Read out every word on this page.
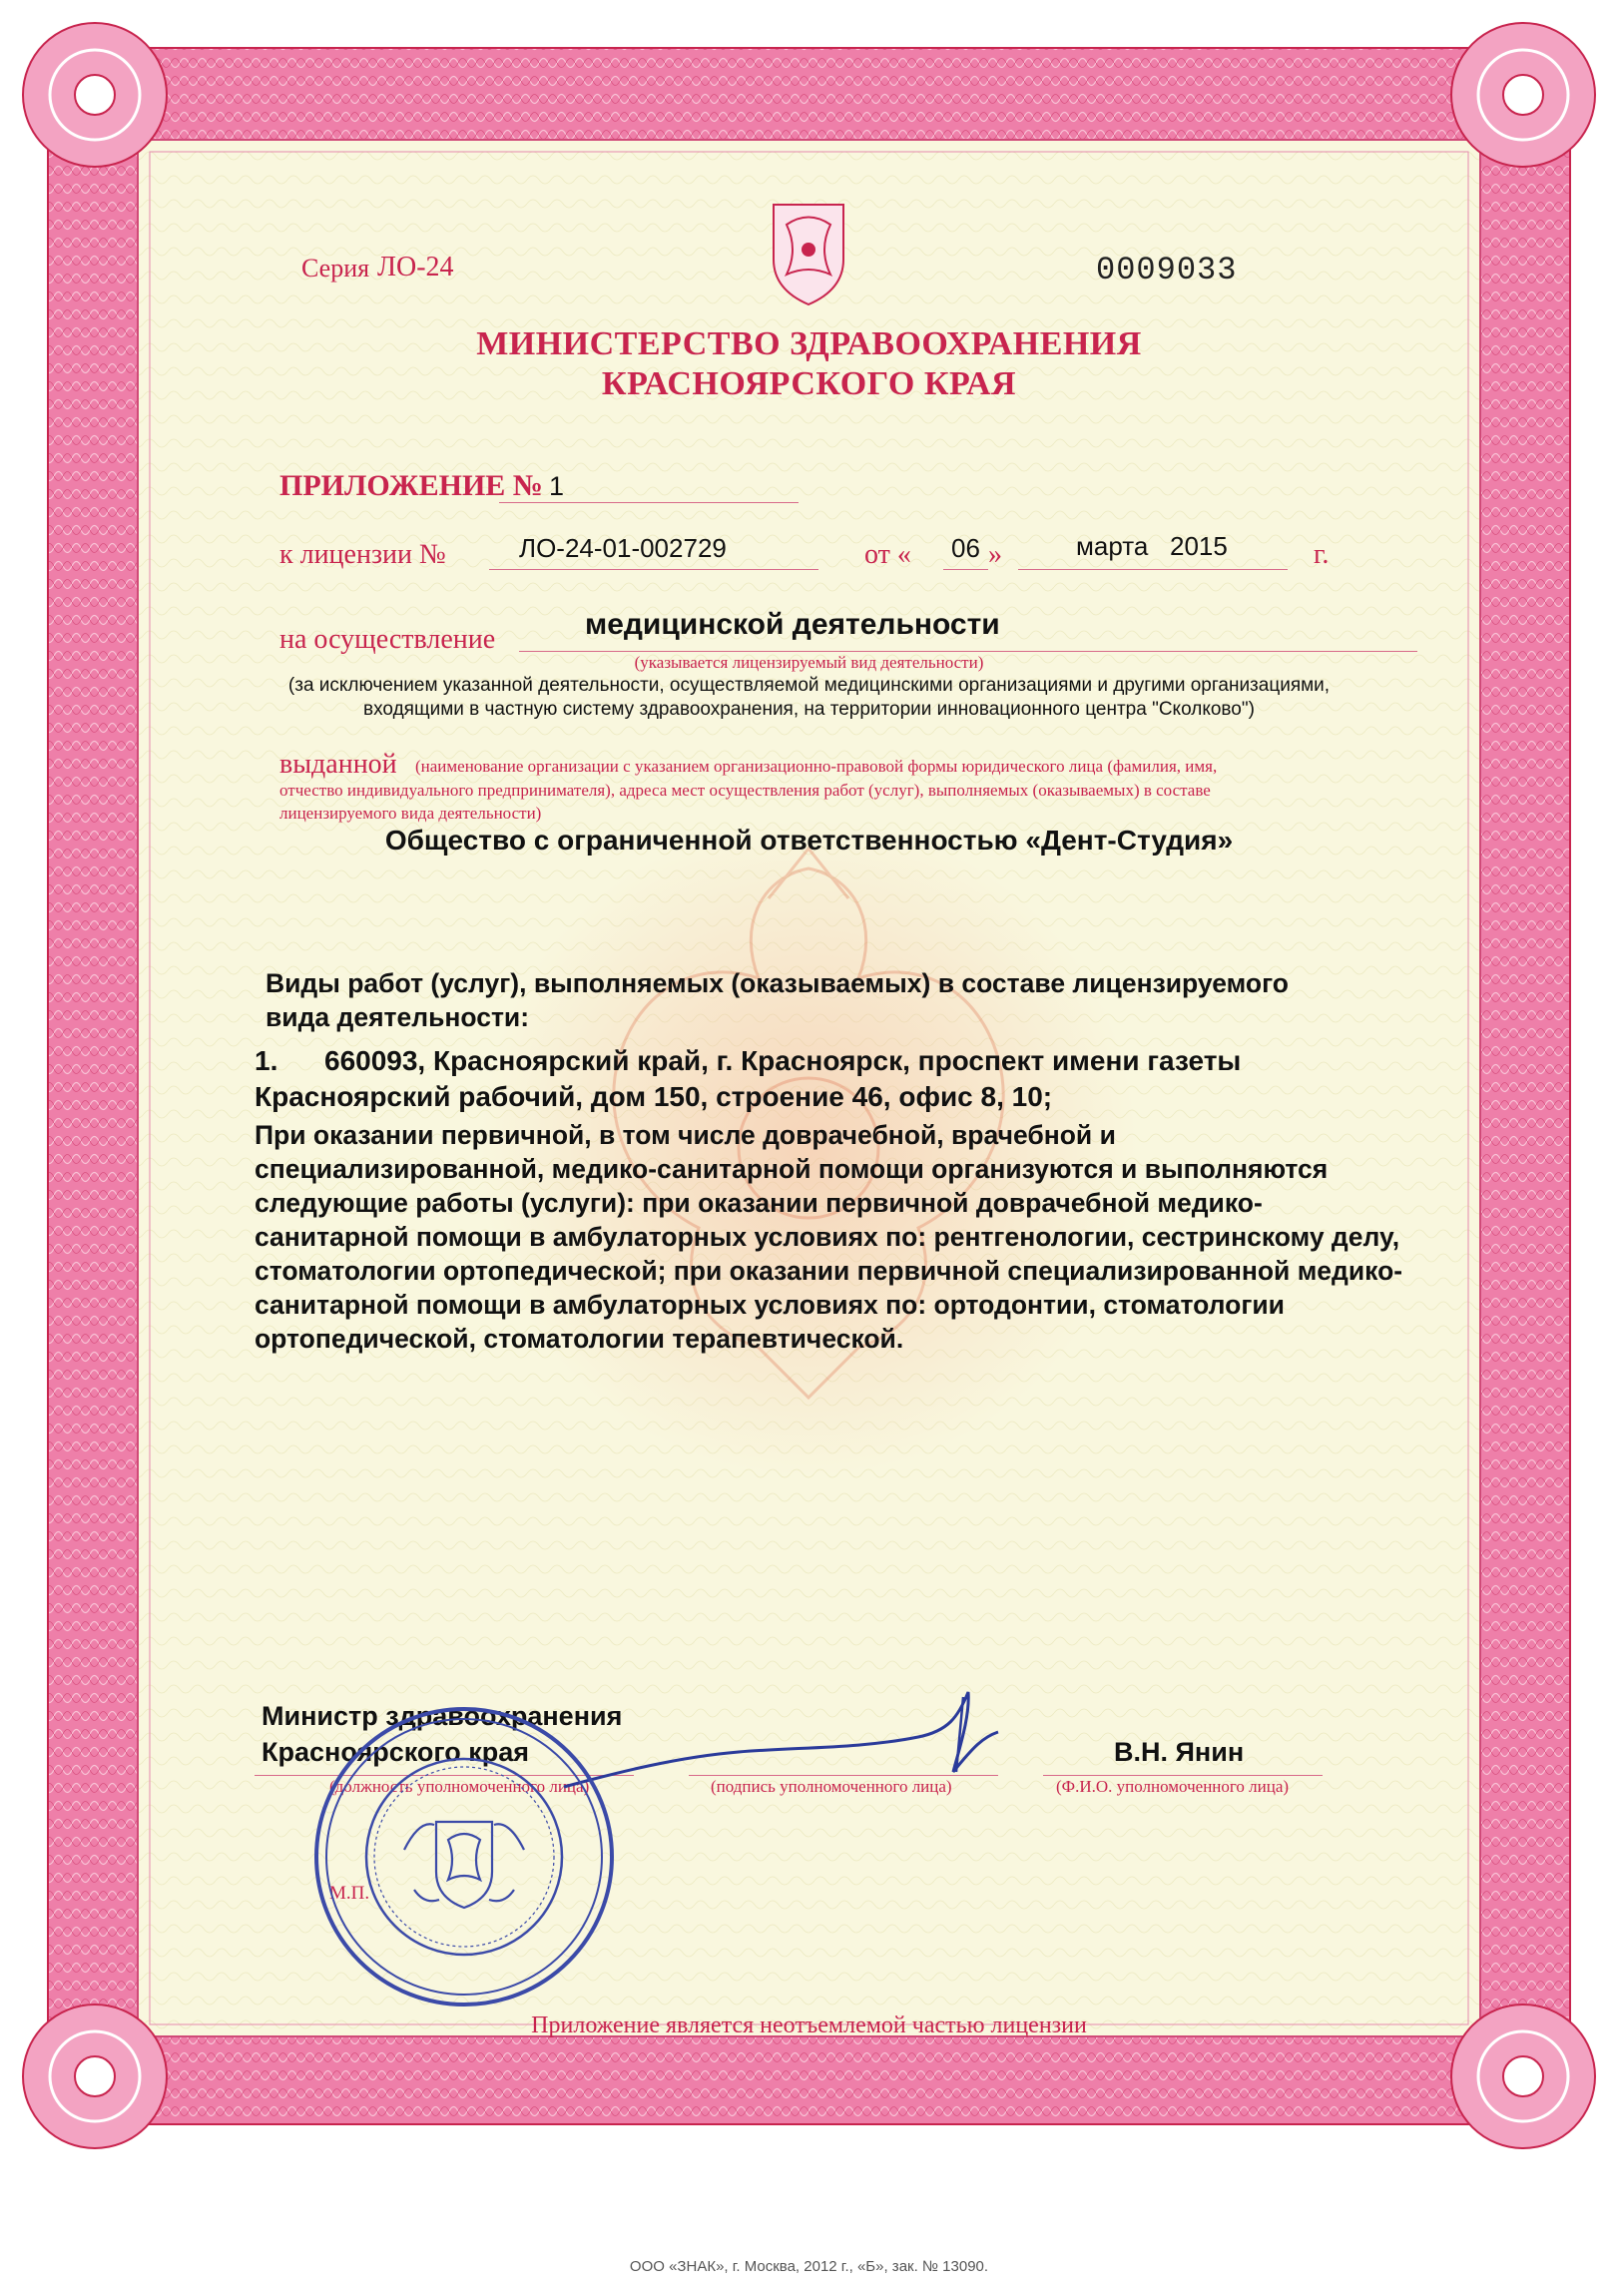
Серия ЛО-24	0009033
МИНИСТЕРСТВО ЗДРАВООХРАНЕНИЯ
КРАСНОЯРСКОГО КРАЯ
ПРИЛОЖЕНИЕ № 1
к лицензии №	ЛО-24-01-002729	от « 06 »	марта 2015	г.
на осуществление	медицинской деятельности
(указывается лицензируемый вид деятельности)
(за исключением указанной деятельности, осуществляемой медицинскими организациями и другими организациями,
входящими в частную систему здравоохранения, на территории инновационного центра "Сколково")
выданной (наименование организации с указанием организационно-правовой формы юридического лица (фамилия, имя,
отчество индивидуального предпринимателя), адреса мест осуществления работ (услуг), выполняемых (оказываемых) в составе
лицензируемого вида деятельности)
Общество с ограниченной ответственностью «Дент-Студия»
Виды работ (услуг), выполняемых (оказываемых) в составе лицензируемого
вида деятельности:
1. 660093, Красноярский край, г. Красноярск, проспект имени газеты
Красноярский рабочий, дом 150, строение 46, офис 8, 10;
При оказании первичной, в том числе доврачебной, врачебной и
специализированной, медико-санитарной помощи организуются и выполняются
следующие работы (услуги): при оказании первичной доврачебной медико-
санитарной помощи в амбулаторных условиях по: рентгенологии, сестринскому делу,
стоматологии ортопедической; при оказании первичной специализированной медико-
санитарной помощи в амбулаторных условиях по: ортодонтии, стоматологии
ортопедической, стоматологии терапевтической.
Министр здравоохранения
Красноярского края
(должность уполномоченного лица)	(подпись уполномоченного лица)
В.Н. Янин
(Ф.И.О. уполномоченного лица)
М.П.
Приложение является неотъемлемой частью лицензии
ООО «ЗНАК», г. Москва, 2012 г., «Б», зак. № 13090.
